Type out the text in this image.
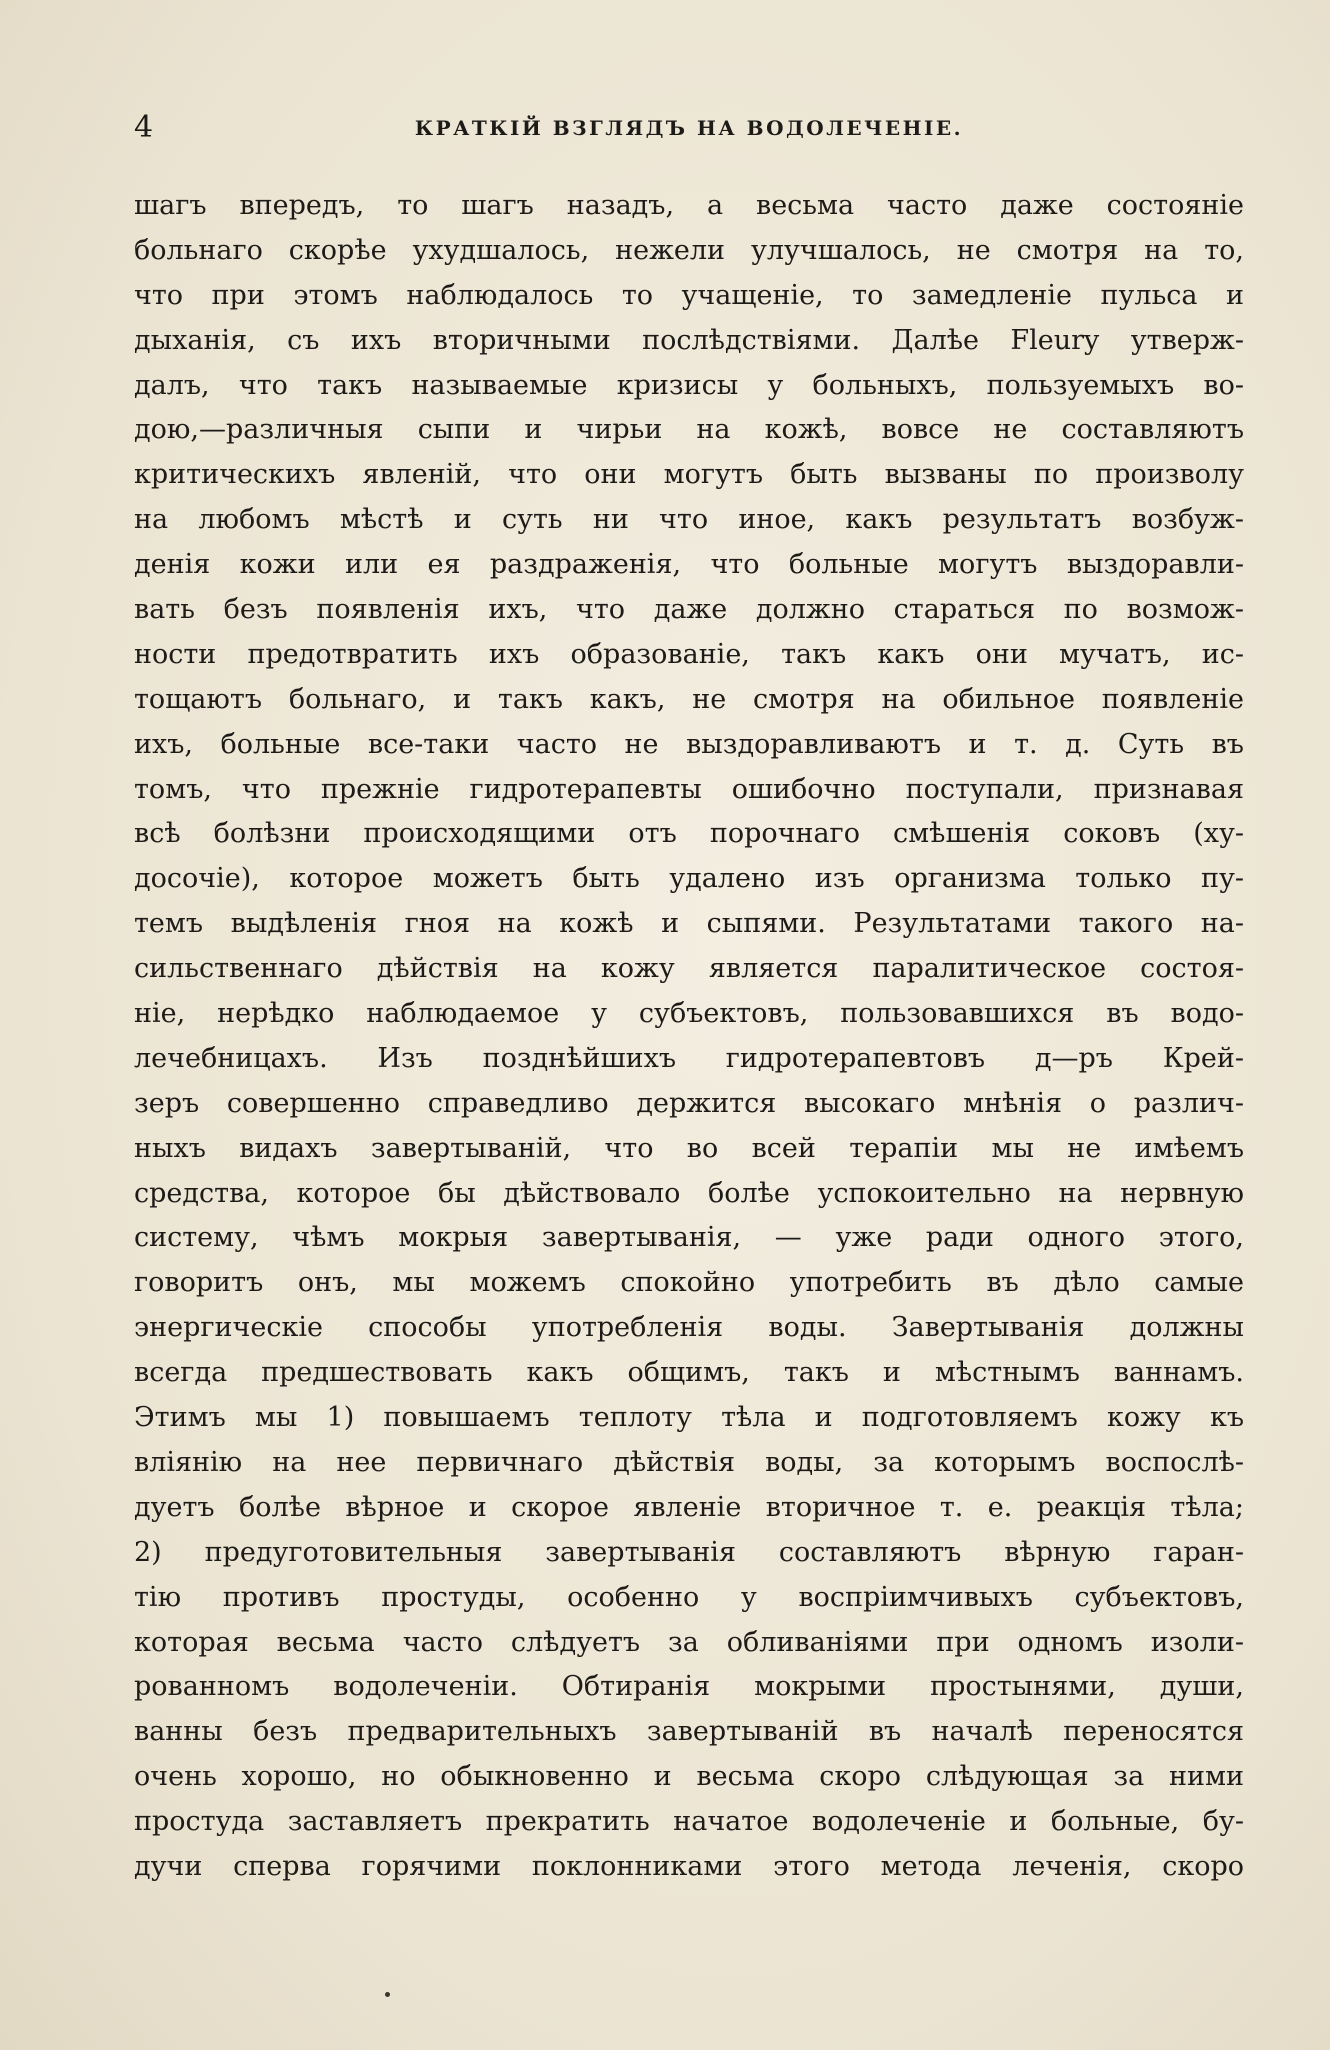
4	КРАТКІЙ ВЗГЛЯДЪ НА ВОДОЛЕЧЕНІЕ.
шагъ впередъ, то шагъ назадъ, а весьма часто даже состояніе
больнаго скорѣе ухудшалось, нежели улучшалось, не смотря на то,
что при этомъ наблюдалось то учащеніе, то замедленіе пульса и
дыханія, съ ихъ вторичными послѣдствіями. Далѣе Fleury утверж-
далъ, что такъ называемые кризисы у больныхъ, пользуемыхъ во-
дою,—различныя сыпи и чирьи на кожѣ, вовсе не составляютъ
критическихъ явленій, что они могутъ быть вызваны по произволу
на любомъ мѣстѣ и суть ни что иное, какъ результатъ возбуж-
денія кожи или ея раздраженія, что больные могутъ выздоравли-
вать безъ появленія ихъ, что даже должно стараться по возмож-
ности предотвратить ихъ образованіе, такъ какъ они мучатъ, ис-
тощаютъ больнаго, и такъ какъ, не смотря на обильное появленіе
ихъ, больные все-таки часто не выздоравливаютъ и т. д. Суть въ
томъ, что прежніе гидротерапевты ошибочно поступали, признавая
всѣ болѣзни происходящими отъ порочнаго смѣшенія соковъ (ху-
досочіе), которое можетъ быть удалено изъ организма только пу-
темъ выдѣленія гноя на кожѣ и сыпями. Результатами такого на-
сильственнаго дѣйствія на кожу является паралитическое состоя-
ніе, нерѣдко наблюдаемое у субъектовъ, пользовавшихся въ водо-
лечебницахъ. Изъ позднѣйшихъ гидротерапевтовъ д—ръ Крей-
зеръ совершенно справедливо держится высокаго мнѣнія о различ-
ныхъ видахъ завертываній, что во всей терапіи мы не имѣемъ
средства, которое бы дѣйствовало болѣе успокоительно на нервную
систему, чѣмъ мокрыя завертыванія, — уже ради одного этого,
говоритъ онъ, мы можемъ спокойно употребить въ дѣло самые
энергическіе способы употребленія воды. Завертыванія должны
всегда предшествовать какъ общимъ, такъ и мѣстнымъ ваннамъ.
Этимъ мы 1) повышаемъ теплоту тѣла и подготовляемъ кожу къ
вліянію на нее первичнаго дѣйствія воды, за которымъ воспослѣ-
дуетъ болѣе вѣрное и скорое явленіе вторичное т. е. реакція тѣла;
2) предуготовительныя завертыванія составляютъ вѣрную гаран-
тію противъ простуды, особенно у воспріимчивыхъ субъектовъ,
которая весьма часто слѣдуетъ за обливаніями при одномъ изоли-
рованномъ водолеченіи. Обтиранія мокрыми простынями, души,
ванны безъ предварительныхъ завертываній въ началѣ переносятся
очень хорошо, но обыкновенно и весьма скоро слѣдующая за ними
простуда заставляетъ прекратить начатое водолеченіе и больные, бу-
дучи сперва горячими поклонниками этого метода леченія, скоро
